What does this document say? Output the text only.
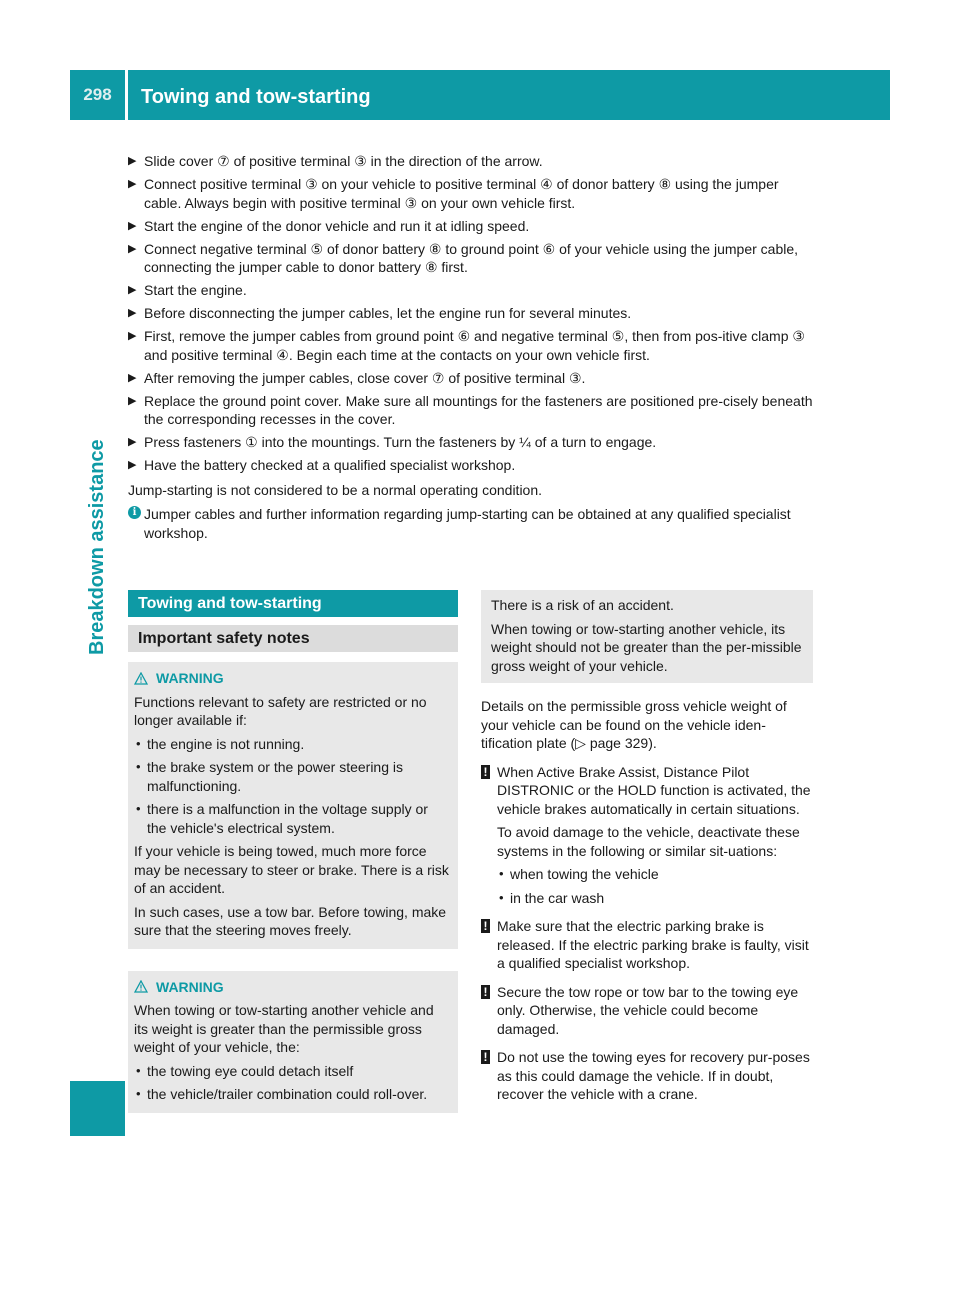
298	Towing and tow-starting
Breakdown assistance
▶ Slide cover ⑦ of positive terminal ③ in the direction of the arrow.
▶ Connect positive terminal ③ on your vehicle to positive terminal ④ of donor battery ⑧ using the jumper cable. Always begin with positive terminal ③ on your own vehicle first.
▶ Start the engine of the donor vehicle and run it at idling speed.
▶ Connect negative terminal ⑤ of donor battery ⑧ to ground point ⑥ of your vehicle using the jumper cable, connecting the jumper cable to donor battery ⑧ first.
▶ Start the engine.
▶ Before disconnecting the jumper cables, let the engine run for several minutes.
▶ First, remove the jumper cables from ground point ⑥ and negative terminal ⑤, then from pos-itive clamp ③ and positive terminal ④. Begin each time at the contacts on your own vehicle first.
▶ After removing the jumper cables, close cover ⑦ of positive terminal ③.
▶ Replace the ground point cover. Make sure all mountings for the fasteners are positioned pre-cisely beneath the corresponding recesses in the cover.
▶ Press fasteners ① into the mountings. Turn the fasteners by ¼ of a turn to engage.
▶ Have the battery checked at a qualified specialist workshop.
Jump-starting is not considered to be a normal operating condition.
i Jumper cables and further information regarding jump-starting can be obtained at any qualified specialist workshop.
Towing and tow-starting
Important safety notes
WARNING

Functions relevant to safety are restricted or no longer available if:

• the engine is not running.
• the brake system or the power steering is malfunctioning.
• there is a malfunction in the voltage supply or the vehicle's electrical system.

If your vehicle is being towed, much more force may be necessary to steer or brake. There is a risk of an accident.

In such cases, use a tow bar. Before towing, make sure that the steering moves freely.

WARNING

When towing or tow-starting another vehicle and its weight is greater than the permissible gross weight of your vehicle, the:

• the towing eye could detach itself
• the vehicle/trailer combination could roll-over.

There is a risk of an accident.

When towing or tow-starting another vehicle, its weight should not be greater than the per-missible gross weight of your vehicle.

Details on the permissible gross vehicle weight of your vehicle can be found on the vehicle iden-tification plate (▷ page 329).
! When Active Brake Assist, Distance Pilot DISTRONIC or the HOLD function is activated, the vehicle brakes automatically in certain situations.

To avoid damage to the vehicle, deactivate these systems in the following or similar sit-uations:

• when towing the vehicle
• in the car wash
! Make sure that the electric parking brake is released. If the electric parking brake is faulty, visit a qualified specialist workshop.

! Secure the tow rope or tow bar to the towing eye only. Otherwise, the vehicle could become damaged.

! Do not use the towing eyes for recovery pur-poses as this could damage the vehicle. If in doubt, recover the vehicle with a crane.
